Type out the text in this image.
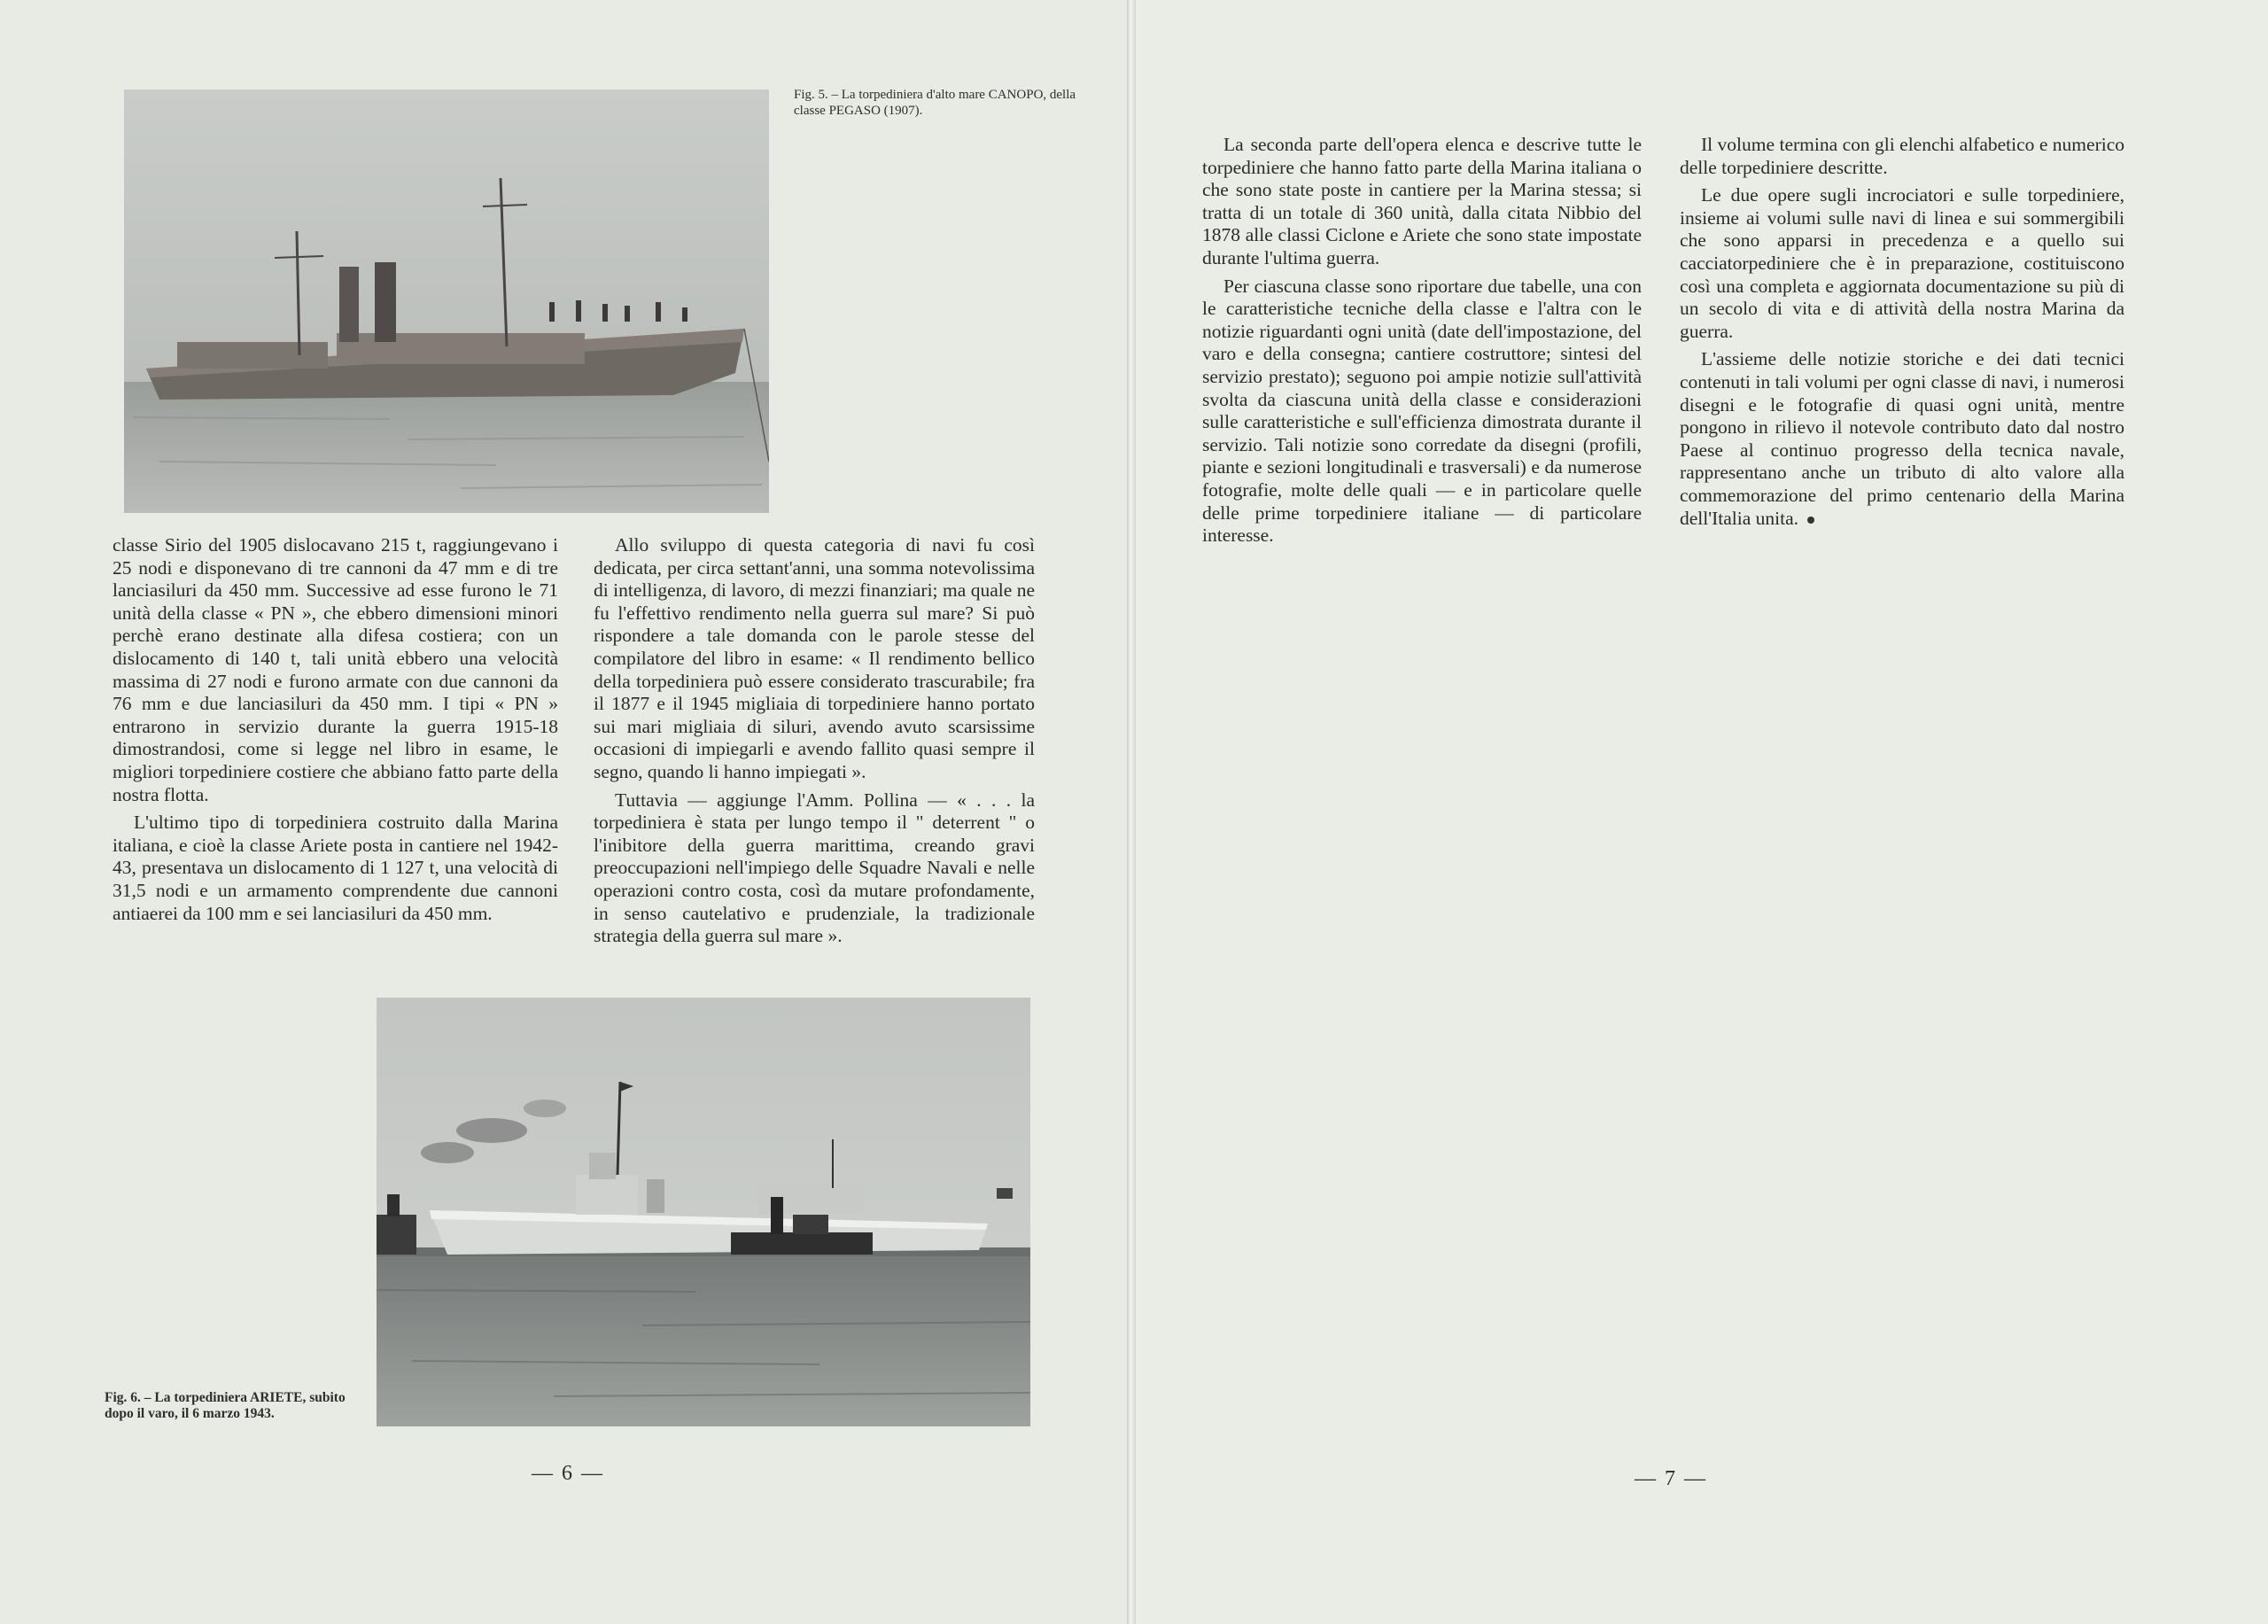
Fig. 5. – La torpediniera d'alto mare CANOPO, della classe PEGASO (1907).

classe Sirio del 1905 dislocavano 215 t, raggiungevano i 25 nodi e disponevano di tre cannoni da 47 mm e di tre lanciasiluri da 450 mm. Successive ad esse furono le 71 unità della classe « PN », che ebbero dimensioni minori perchè erano destinate alla difesa costiera; con un dislocamento di 140 t, tali unità ebbero una velocità massima di 27 nodi e furono armate con due cannoni da 76 mm e due lanciasiluri da 450 mm. I tipi « PN » entrarono in servizio durante la guerra 1915-18 dimostrandosi, come si legge nel libro in esame, le migliori torpediniere costiere che abbiano fatto parte della nostra flotta.

L'ultimo tipo di torpediniera costruito dalla Marina italiana, e cioè la classe Ariete posta in cantiere nel 1942-43, presentava un dislocamento di 1 127 t, una velocità di 31,5 nodi e un armamento comprendente due cannoni antiaerei da 100 mm e sei lanciasiluri da 450 mm.

Allo sviluppo di questa categoria di navi fu così dedicata, per circa settant'anni, una somma notevolissima di intelligenza, di lavoro, di mezzi finanziari; ma quale ne fu l'effettivo rendimento nella guerra sul mare? Si può rispondere a tale domanda con le parole stesse del compilatore del libro in esame: « Il rendimento bellico della torpediniera può essere considerato trascurabile; fra il 1877 e il 1945 migliaia di torpediniere hanno portato sui mari migliaia di siluri, avendo avuto scarsissime occasioni di impiegarli e avendo fallito quasi sempre il segno, quando li hanno impiegati ».

Tuttavia — aggiunge l'Amm. Pollina — « . . . la torpediniera è stata per lungo tempo il " deterrent " o l'inibitore della guerra marittima, creando gravi preoccupazioni nell'impiego delle Squadre Navali e nelle operazioni contro costa, così da mutare profondamente, in senso cautelativo e prudenziale, la tradizionale strategia della guerra sul mare ».

Fig. 6. – La torpediniera ARIETE, subito dopo il varo, il 6 marzo 1943.

— 6 —

La seconda parte dell'opera elenca e descrive tutte le torpediniere che hanno fatto parte della Marina italiana o che sono state poste in cantiere per la Marina stessa; si tratta di un totale di 360 unità, dalla citata Nibbio del 1878 alle classi Ciclone e Ariete che sono state impostate durante l'ultima guerra.

Per ciascuna classe sono riportare due tabelle, una con le caratteristiche tecniche della classe e l'altra con le notizie riguardanti ogni unità (date dell'impostazione, del varo e della consegna; cantiere costruttore; sintesi del servizio prestato); seguono poi ampie notizie sull'attività svolta da ciascuna unità della classe e considerazioni sulle caratteristiche e sull'efficienza dimostrata durante il servizio. Tali notizie sono corredate da disegni (profili, piante e sezioni longitudinali e trasversali) e da numerose fotografie, molte delle quali — e in particolare quelle delle prime torpediniere italiane — di particolare interesse.

Il volume termina con gli elenchi alfabetico e numerico delle torpediniere descritte.

Le due opere sugli incrociatori e sulle torpediniere, insieme ai volumi sulle navi di linea e sui sommergibili che sono apparsi in precedenza e a quello sui cacciatorpediniere che è in preparazione, costituiscono così una completa e aggiornata documentazione su più di un secolo di vita e di attività della nostra Marina da guerra.

L'assieme delle notizie storiche e dei dati tecnici contenuti in tali volumi per ogni classe di navi, i numerosi disegni e le fotografie di quasi ogni unità, mentre pongono in rilievo il notevole contributo dato dal nostro Paese al continuo progresso della tecnica navale, rappresentano anche un tributo di alto valore alla commemorazione del primo centenario della Marina dell'Italia unita.

— 7 —
